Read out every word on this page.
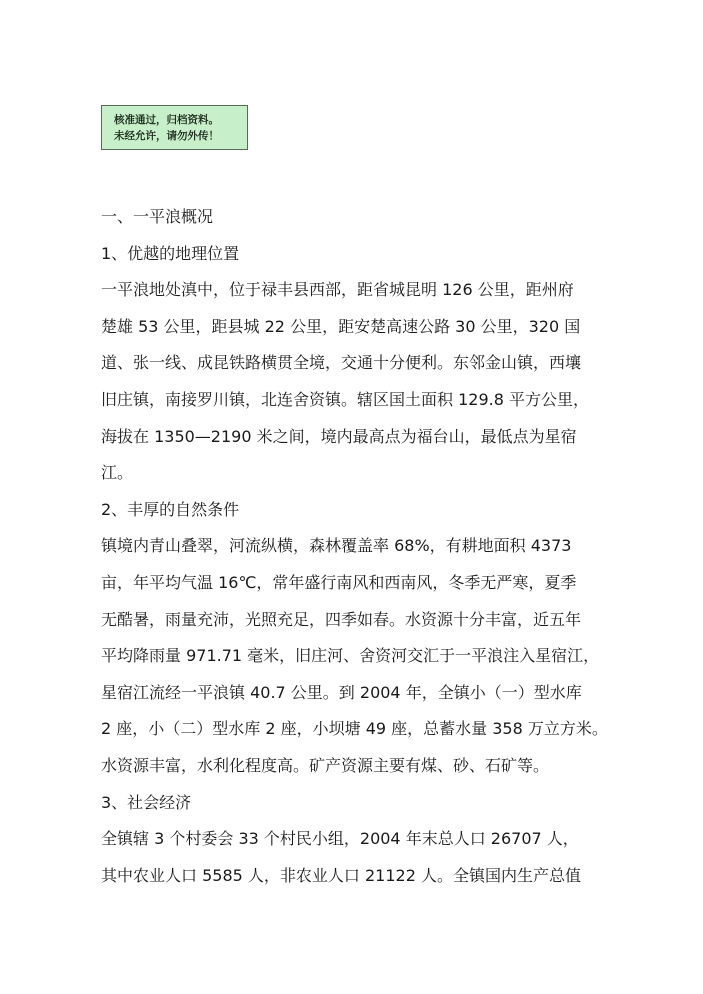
核准通过，归档资料。
未经允许，请勿外传！
一、一平浪概况
1、优越的地理位置
一平浪地处滇中，位于禄丰县西部，距省城昆明 126 公里，距州府
楚雄 53 公里，距县城 22 公里，距安楚高速公路 30 公里，320 国
道、张一线、成昆铁路横贯全境，交通十分便利。东邻金山镇，西壤
旧庄镇，南接罗川镇，北连舍资镇。辖区国土面积 129.8 平方公里，
海拔在 1350—2190 米之间，境内最高点为福台山，最低点为星宿
江。
2、丰厚的自然条件
镇境内青山叠翠，河流纵横，森林覆盖率 68%，有耕地面积 4373
亩，年平均气温 16℃，常年盛行南风和西南风，冬季无严寒，夏季
无酷暑，雨量充沛，光照充足，四季如春。水资源十分丰富，近五年
平均降雨量 971.71 毫米，旧庄河、舍资河交汇于一平浪注入星宿江，
星宿江流经一平浪镇 40.7 公里。到 2004 年，全镇小（一）型水库
2 座，小（二）型水库 2 座，小坝塘 49 座，总蓄水量 358 万立方米。
水资源丰富，水利化程度高。矿产资源主要有煤、砂、石矿等。
3、社会经济
全镇辖 3 个村委会 33 个村民小组，2004 年末总人口 26707 人，
其中农业人口 5585 人，非农业人口 21122 人。全镇国内生产总值
